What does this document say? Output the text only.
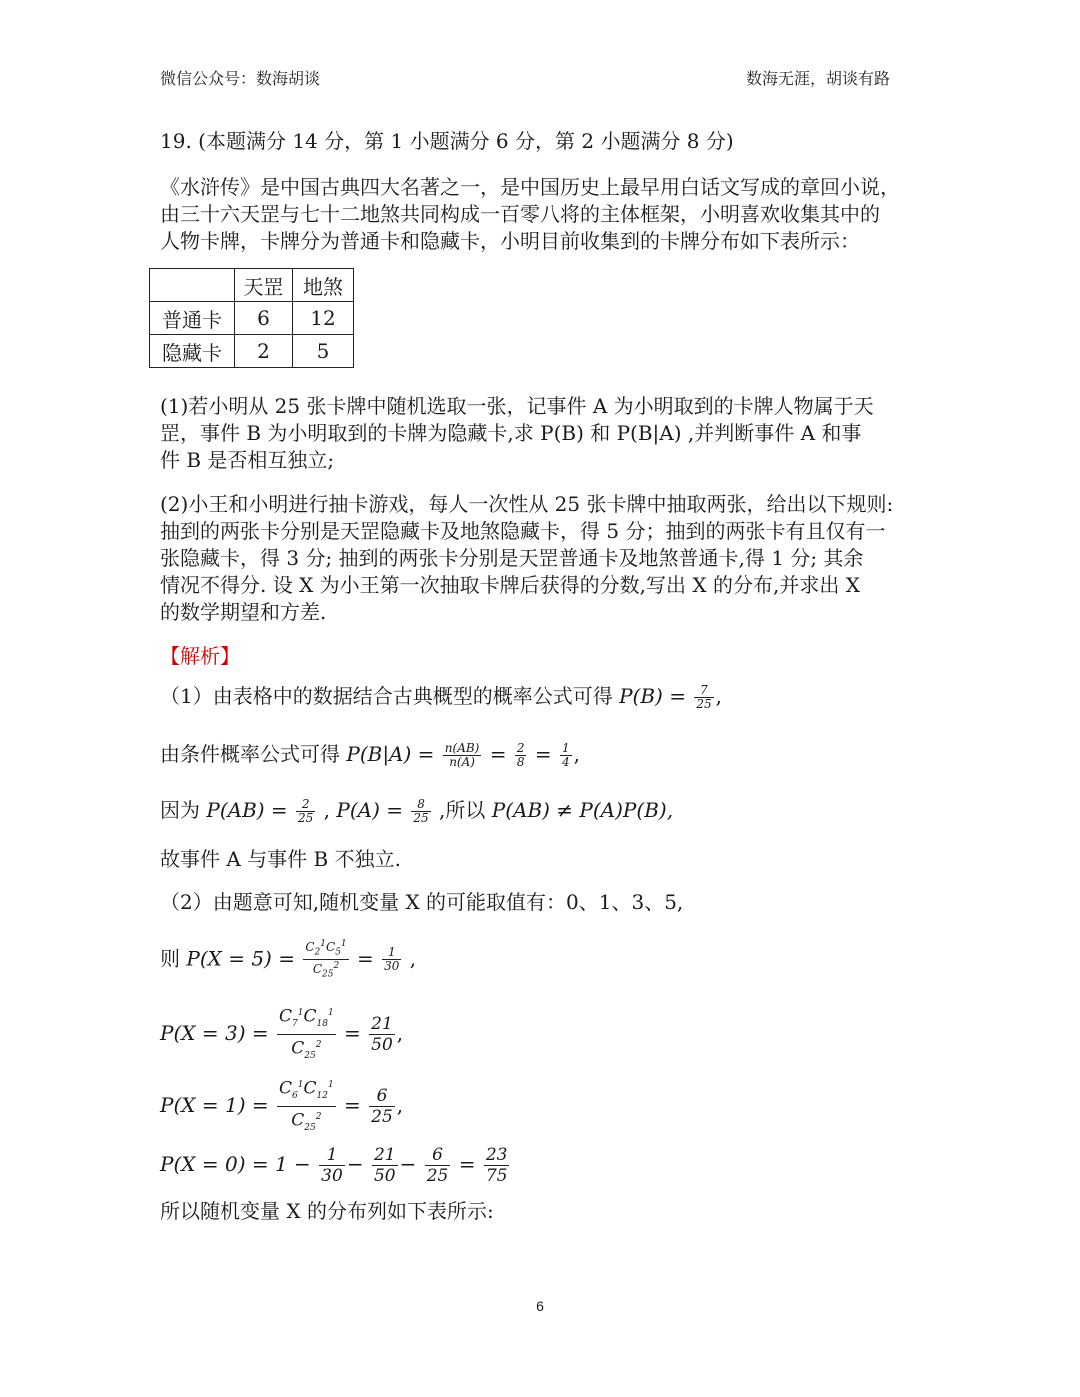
微信公众号：数海胡谈	数海无涯，胡谈有路
19. (本题满分 14 分，第 1 小题满分 6 分，第 2 小题满分 8 分)
《水浒传》是中国古典四大名著之一，是中国历史上最早用白话文写成的章回小说，
由三十六天罡与七十二地煞共同构成一百零八将的主体框架，小明喜欢收集其中的
人物卡牌，卡牌分为普通卡和隐藏卡，小明目前收集到的卡牌分布如下表所示：
	天罡	地煞
普通卡	6	12
隐藏卡	2	5
(1)若小明从 25 张卡牌中随机选取一张，记事件 A 为小明取到的卡牌人物属于天
罡，事件 B 为小明取到的卡牌为隐藏卡,求 P(B) 和 P(B|A) ,并判断事件 A 和事
件 B 是否相互独立;
(2)小王和小明进行抽卡游戏，每人一次性从 25 张卡牌中抽取两张，给出以下规则:
抽到的两张卡分别是天罡隐藏卡及地煞隐藏卡，得 5 分；抽到的两张卡有且仅有一
张隐藏卡，得 3 分; 抽到的两张卡分别是天罡普通卡及地煞普通卡,得 1 分; 其余
情况不得分. 设 X 为小王第一次抽取卡牌后获得的分数,写出 X 的分布,并求出 X
的数学期望和方差.
【解析】
（1）由表格中的数据结合古典概型的概率公式可得 $P(B) = \frac{7}{25}$ ,
由条件概率公式可得 $P(B|A) = \frac{n(AB)}{n(A)} = \frac{2}{8} = \frac{1}{4}$ ,
因为 $P(AB) = \frac{2}{25}$ , $P(A) = \frac{8}{25}$ ,所以 P(AB) ≠ P(A)P(B),
故事件 A 与事件 B 不独立.
（2）由题意可知,随机变量 X 的可能取值有：0、1、3、5,
则 $P(X = 5) = \frac{C_2^1C_5^1}{C_{25}^2} = \frac{1}{30}$ ,
$P(X = 3) = \frac{C_7^1C_{18}^1}{C_{25}^2} = \frac{21}{50}$ ,
$P(X = 1) = \frac{C_6^1C_{12}^1}{C_{25}^2} = \frac{6}{25}$ ,
$P(X = 0) = 1 - \frac{1}{30} - \frac{21}{50} - \frac{6}{25} = \frac{23}{75}$
所以随机变量 X 的分布列如下表所示:
6
